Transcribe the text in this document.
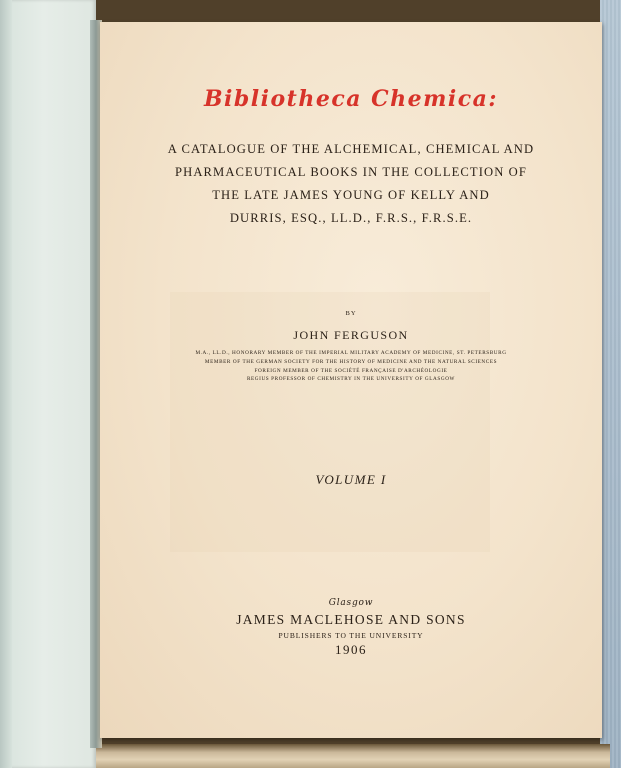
Bibliotheca Chemica:
A CATALOGUE OF THE ALCHEMICAL, CHEMICAL AND
PHARMACEUTICAL BOOKS IN THE COLLECTION OF
THE LATE JAMES YOUNG OF KELLY AND
DURRIS, ESQ., LL.D., F.R.S., F.R.S.E.
BY
JOHN FERGUSON
M.A., LL.D., HONORARY MEMBER OF THE IMPERIAL MILITARY ACADEMY OF MEDICINE, ST. PETERSBURG
MEMBER OF THE GERMAN SOCIETY FOR THE HISTORY OF MEDICINE AND THE NATURAL SCIENCES
FOREIGN MEMBER OF THE SOCIÉTÉ FRANÇAISE D'ARCHÉOLOGIE
REGIUS PROFESSOR OF CHEMISTRY IN THE UNIVERSITY OF GLASGOW
VOLUME I
Glasgow
JAMES MACLEHOSE AND SONS
PUBLISHERS TO THE UNIVERSITY
1906
